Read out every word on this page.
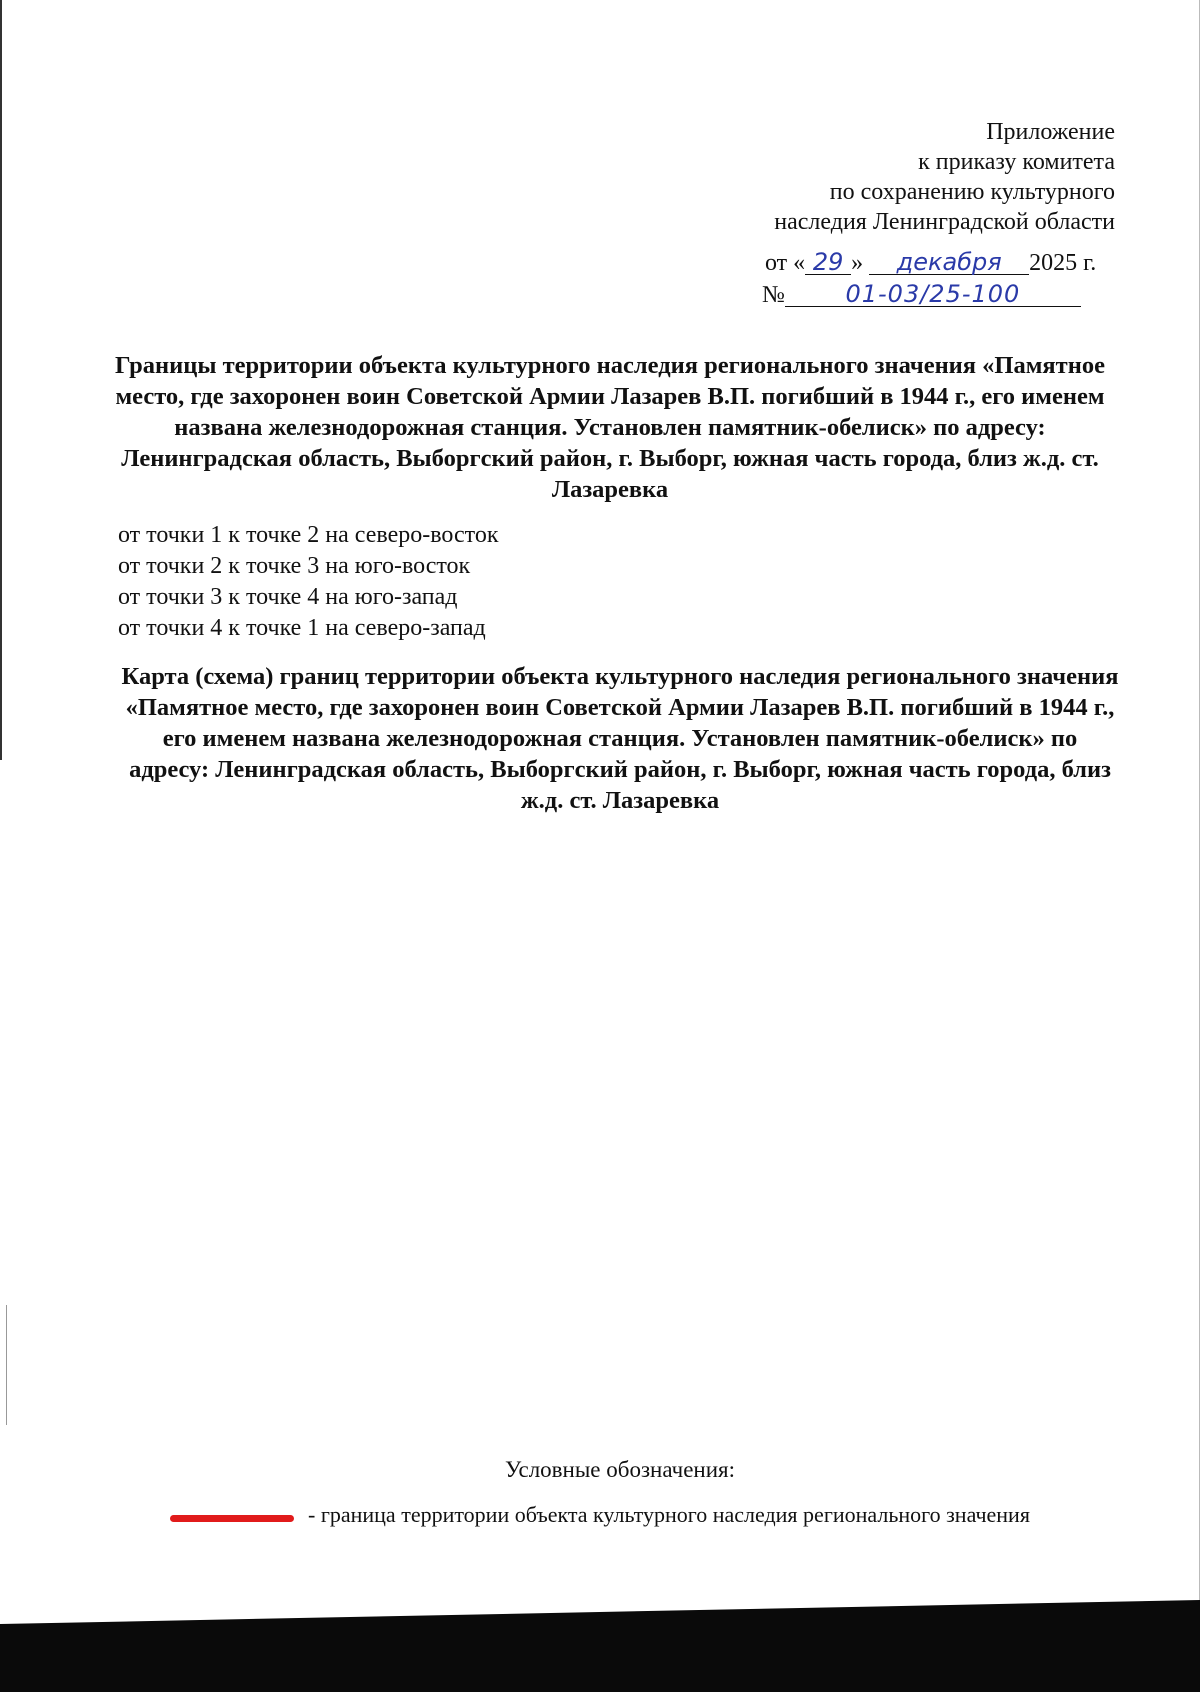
Приложение
к приказу комитета
по сохранению культурного
наследия Ленинградской области
от « 29 » декабря 2025 г.
№	01-03/25-100
Границы территории объекта культурного наследия регионального значения «Памятное место, где захоронен воин Советской Армии Лазарев В.П. погибший в 1944 г., его именем названа железнодорожная станция. Установлен памятник-обелиск» по адресу: Ленинградская область, Выборгский район, г. Выборг, южная часть города, близ ж.д. ст. Лазаревка
от точки 1 к точке 2 на северо-восток
от точки 2 к точке 3 на юго-восток
от точки 3 к точке 4 на юго-запад
от точки 4 к точке 1 на северо-запад
Карта (схема) границ территории объекта культурного наследия регионального значения «Памятное место, где захоронен воин Советской Армии Лазарев В.П. погибший в 1944 г., его именем названа железнодорожная станция. Установлен памятник-обелиск» по адресу: Ленинградская область, Выборгский район, г. Выборг, южная часть города, близ ж.д. ст. Лазаревка
Условные обозначения:
- граница территории объекта культурного наследия регионального значения
